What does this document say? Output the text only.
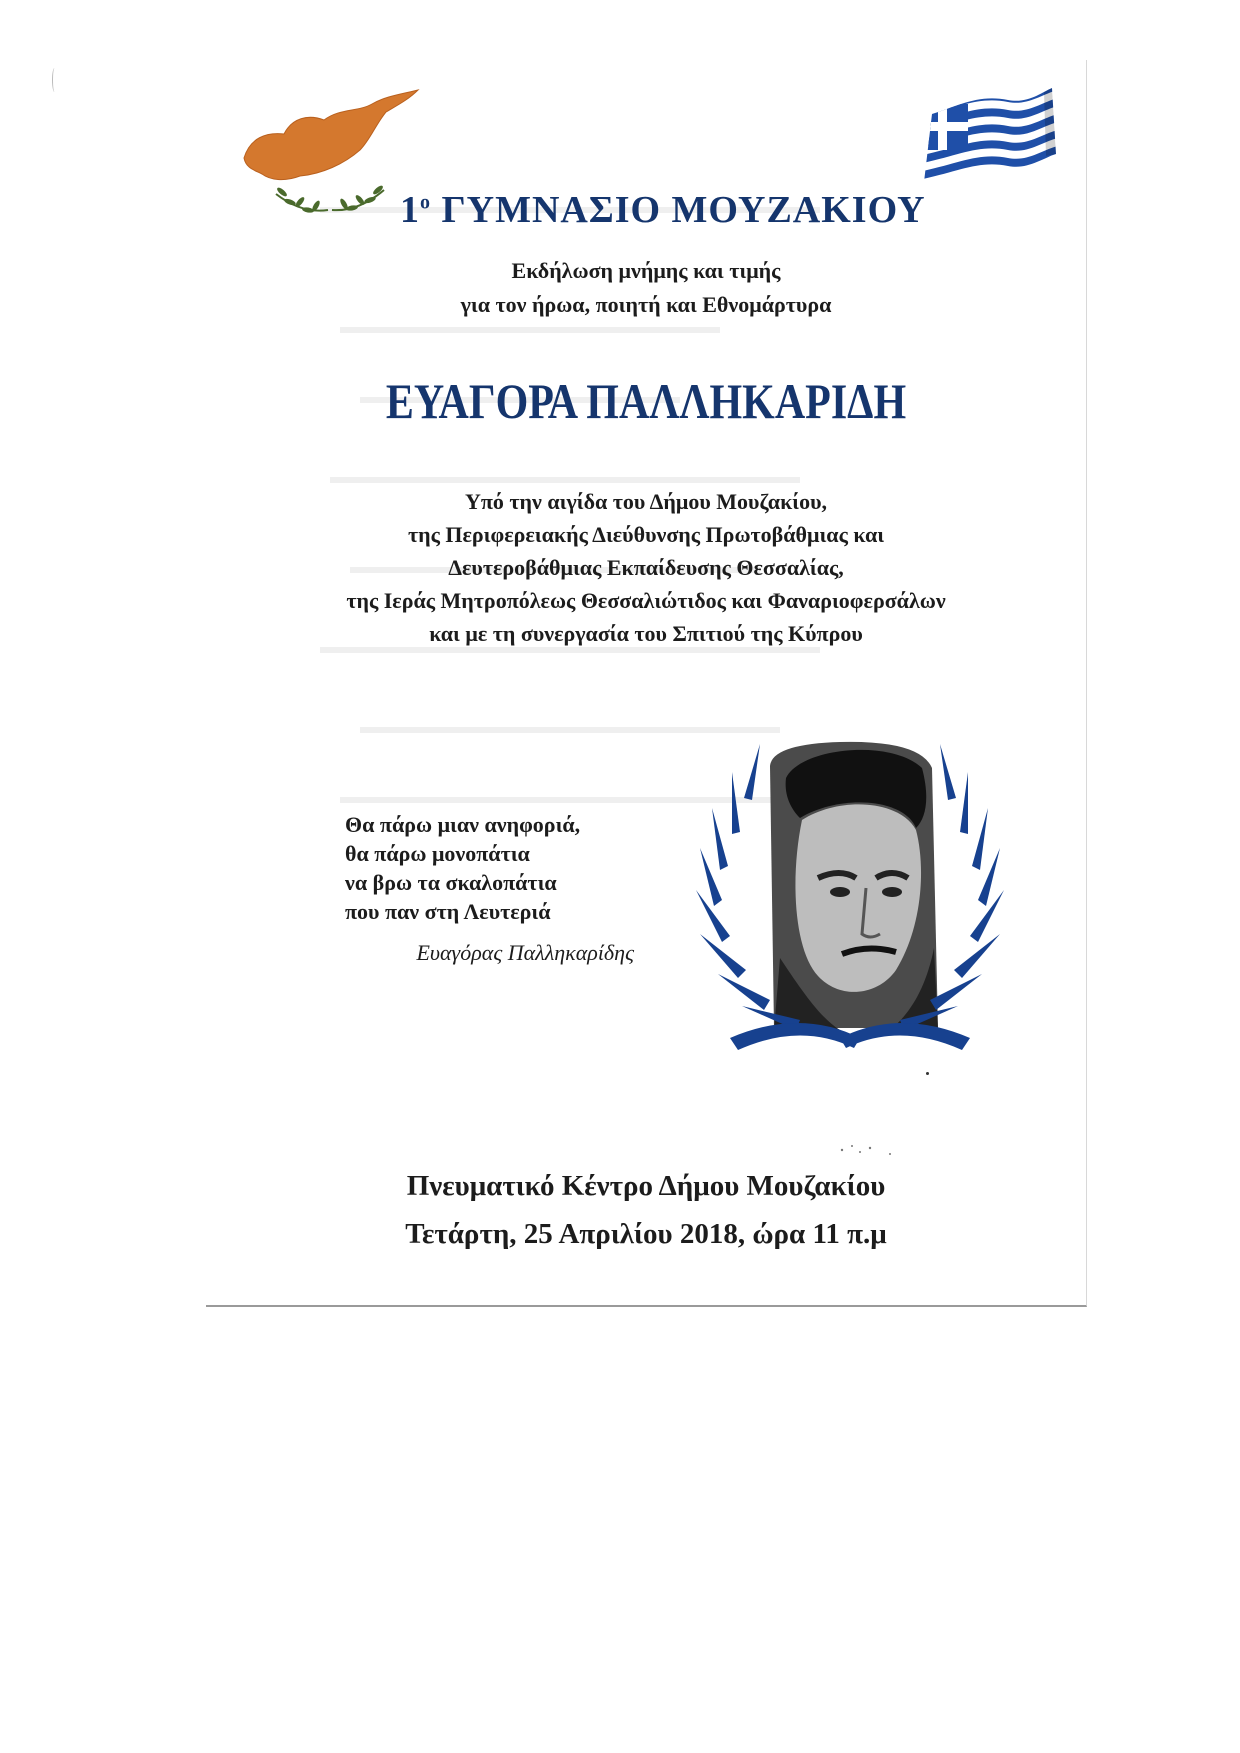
$1^o$ ΓΥΜΝΑΣΙΟ ΜΟΥΖΑΚΙΟΥ
Εκδήλωση μνήμης και τιμής
για τον ήρωα, ποιητή και Εθνομάρτυρα
ΕΥΑΓΟΡΑ ΠΑΛΛΗΚΑΡΙΔΗ
Υπό την αιγίδα του Δήμου Μουζακίου,
της Περιφερειακής Διεύθυνσης Πρωτοβάθμιας και
Δευτεροβάθμιας Εκπαίδευσης Θεσσαλίας,
της Ιεράς Μητροπόλεως Θεσσαλιώτιδος και Φαναριοφερσάλων
και με τη συνεργασία του Σπιτιού της Κύπρου
Θα πάρω μιαν ανηφοριά,
θα πάρω μονοπάτια
να βρω τα σκαλοπάτια
που παν στη Λευτεριά
Ευαγόρας Παλληκαρίδης
Πνευματικό Κέντρο Δήμου Μουζακίου
Τετάρτη, 25 Απριλίου 2018, ώρα 11 π.μ
